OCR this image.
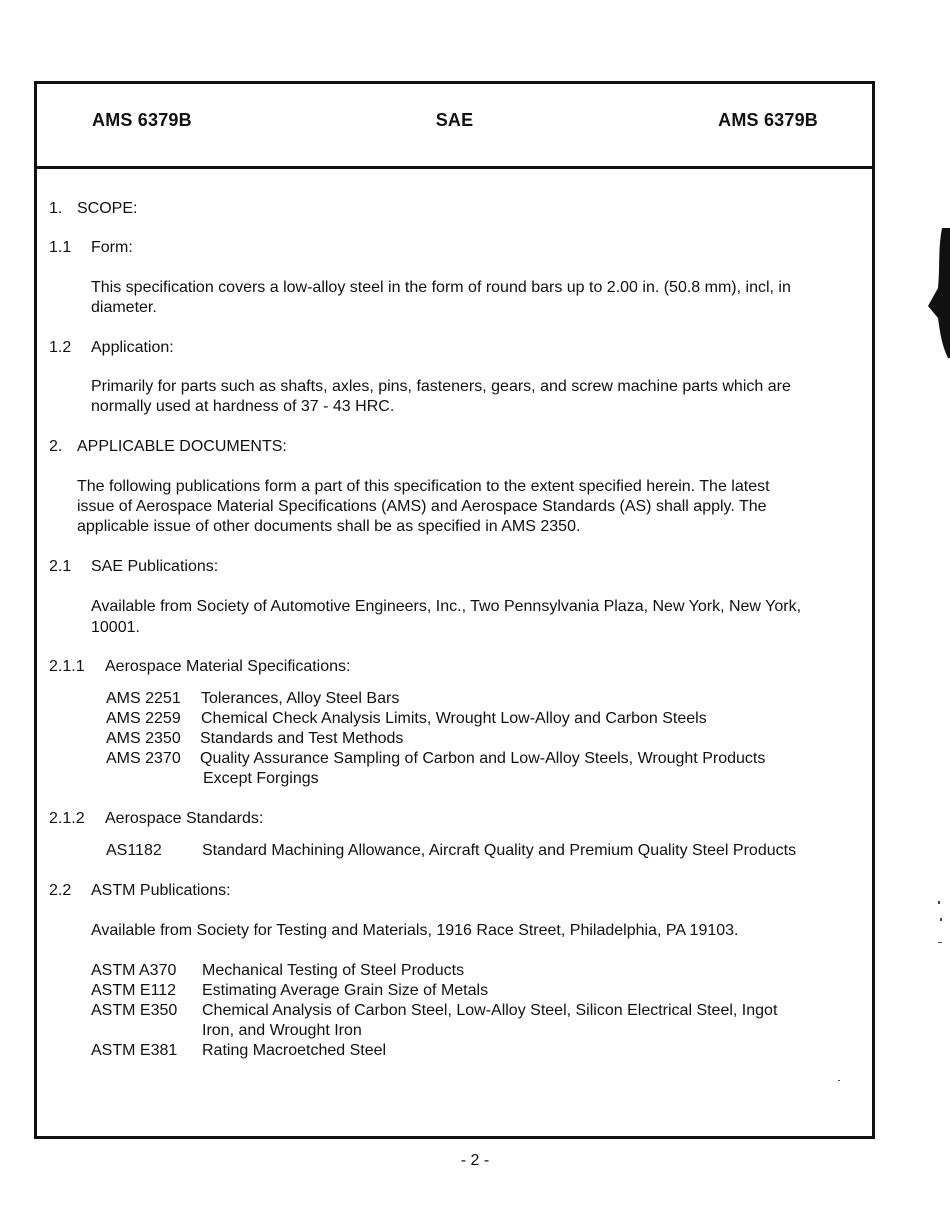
AMS 6379B	SAE	AMS 6379B
1. SCOPE:
1.1 Form:
This specification covers a low-alloy steel in the form of round bars up to 2.00 in. (50.8 mm), incl, in
diameter.
1.2 Application:
Primarily for parts such as shafts, axles, pins, fasteners, gears, and screw machine parts which are
normally used at hardness of 37 - 43 HRC.
2. APPLICABLE DOCUMENTS:
The following publications form a part of this specification to the extent specified herein. The latest
issue of Aerospace Material Specifications (AMS) and Aerospace Standards (AS) shall apply. The
applicable issue of other documents shall be as specified in AMS 2350.
2.1 SAE Publications:
Available from Society of Automotive Engineers, Inc., Two Pennsylvania Plaza, New York, New York,
10001.
2.1.1 Aerospace Material Specifications:
AMS 2251 Tolerances, Alloy Steel Bars
AMS 2259 Chemical Check Analysis Limits, Wrought Low-Alloy and Carbon Steels
AMS 2350 Standards and Test Methods
AMS 2370 Quality Assurance Sampling of Carbon and Low-Alloy Steels, Wrought Products
Except Forgings
2.1.2 Aerospace Standards:
AS1182	Standard Machining Allowance, Aircraft Quality and Premium Quality Steel Products
2.2 ASTM Publications:
Available from Society for Testing and Materials, 1916 Race Street, Philadelphia, PA 19103.
ASTM A370 Mechanical Testing of Steel Products
ASTM E112 Estimating Average Grain Size of Metals
ASTM E350 Chemical Analysis of Carbon Steel, Low-Alloy Steel, Silicon Electrical Steel, Ingot
Iron, and Wrought Iron
ASTM E381 Rating Macroetched Steel
- 2 -
